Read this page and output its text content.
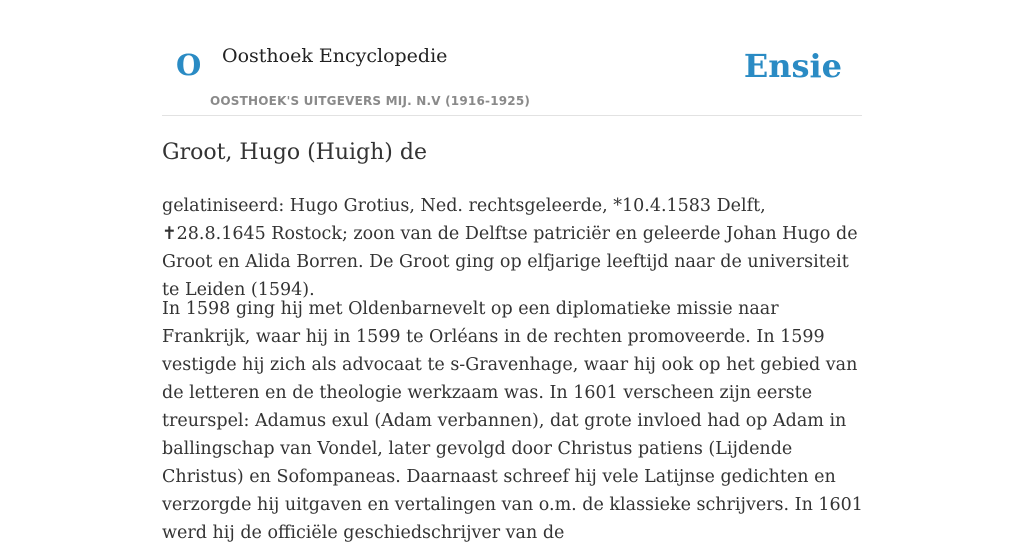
O Oosthoek Encyclopedie
OOSTHOEK'S UITGEVERS MIJ. N.V (1916-1925)
Ensie
Groot, Hugo (Huigh) de

gelatiniseerd: Hugo Grotius, Ned. rechtsgeleerde, *10.4.1583 Delft, ✝28.8.1645 Rostock; zoon van de Delftse patriciër en geleerde Johan Hugo de Groot en Alida Borren. De Groot ging op elfjarige leeftijd naar de universiteit te Leiden (1594).

In 1598 ging hij met Oldenbarnevelt op een diplomatieke missie naar Frankrijk, waar hij in 1599 te Orléans in de rechten promoveerde. In 1599 vestigde hij zich als advocaat te s-Gravenhage, waar hij ook op het gebied van de letteren en de theologie werkzaam was. In 1601 verscheen zijn eerste treurspel: Adamus exul (Adam verbannen), dat grote invloed had op Adam in ballingschap van Vondel, later gevolgd door Christus patiens (Lijdende Christus) en Sofompaneas. Daarnaast schreef hij vele Latijnse gedichten en verzorgde hij uitgaven en vertalingen van o.m. de klassieke schrijvers. In 1601 werd hij de officiële geschiedschrijver van de
